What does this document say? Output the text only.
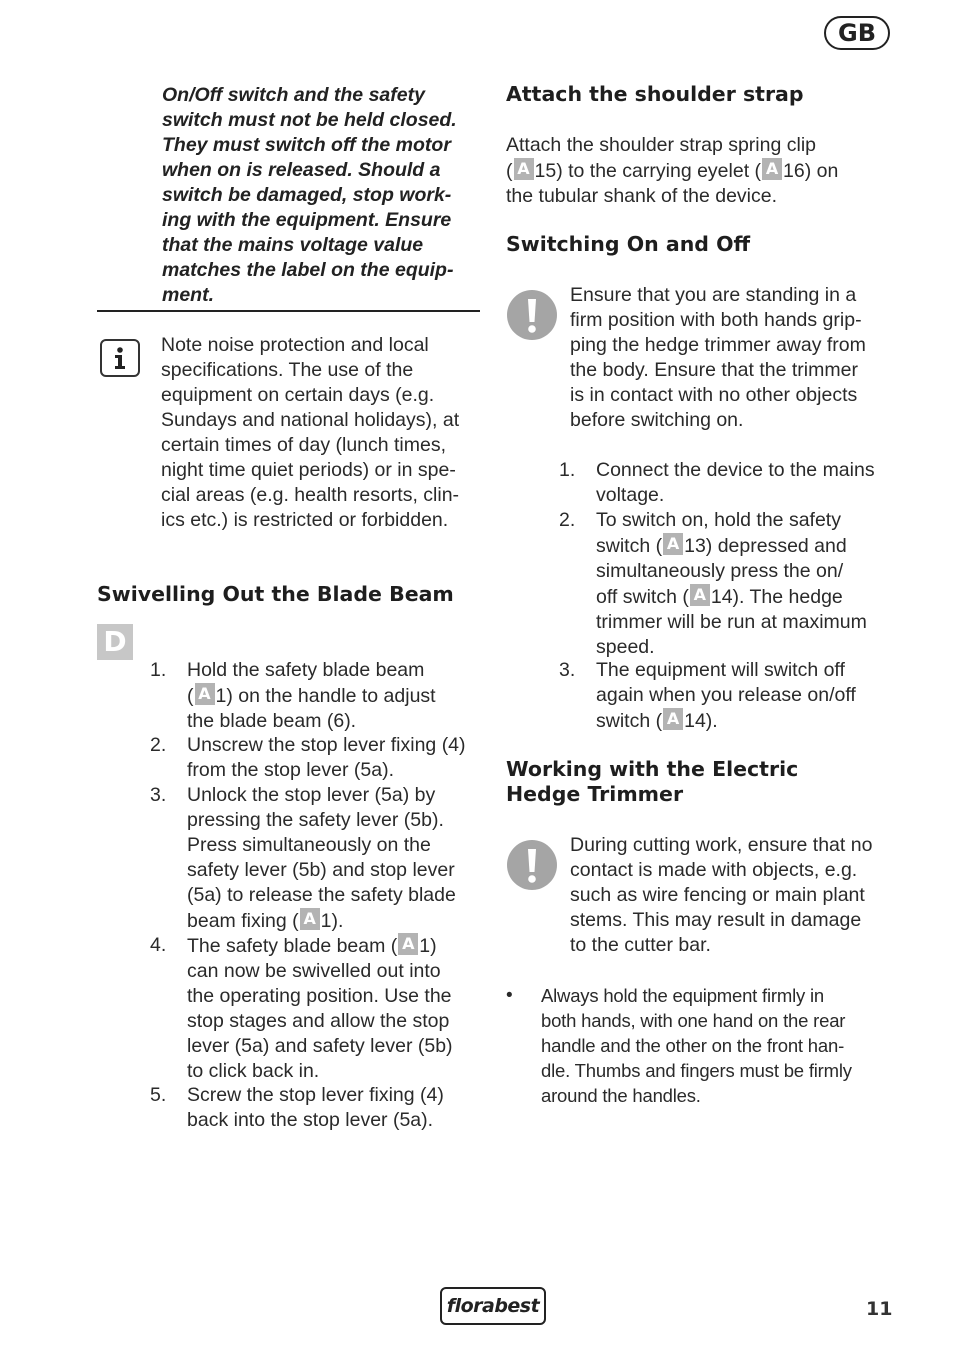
GB
On/Off switch and the safety
switch must not be held closed.
They must switch off the motor
when on is released. Should a
switch be damaged, stop work-
ing with the equipment. Ensure
that the mains voltage value
matches the label on the equip-
ment.
Note noise protection and local
specifications. The use of the
equipment on certain days (e.g.
Sundays and national holidays), at
certain times of day (lunch times,
night time quiet periods) or in spe-
cial areas (e.g. health resorts, clin-
ics etc.) is restricted or forbidden.
Swivelling Out the Blade Beam
D
1. Hold the safety blade beam
( A 1) on the handle to adjust
the blade beam (6).
2. Unscrew the stop lever fixing (4)
from the stop lever (5a).
3. Unlock the stop lever (5a) by
pressing the safety lever (5b).
Press simultaneously on the
safety lever (5b) and stop lever
(5a) to release the safety blade
beam fixing ( A 1).
4. The safety blade beam ( A 1)
can now be swivelled out into
the operating position. Use the
stop stages and allow the stop
lever (5a) and safety lever (5b)
to click back in.
5. Screw the stop lever fixing (4)
back into the stop lever (5a).
Attach the shoulder strap
Attach the shoulder strap spring clip
( A 15) to the carrying eyelet ( A 16) on
the tubular shank of the device.
Switching On and Off
Ensure that you are standing in a
firm position with both hands grip-
ping the hedge trimmer away from
the body. Ensure that the trimmer
is in contact with no other objects
before switching on.
1. Connect the device to the mains
voltage.
2. To switch on, hold the safety
switch ( A 13) depressed and
simultaneously press the on/
off switch ( A 14). The hedge
trimmer will be run at maximum
speed.
3. The equipment will switch off
again when you release on/off
switch ( A 14).
Working with the Electric
Hedge Trimmer
During cutting work, ensure that no
contact is made with objects, e.g.
such as wire fencing or main plant
stems. This may result in damage
to the cutter bar.
• Always hold the equipment firmly in
both hands, with one hand on the rear
handle and the other on the front han-
dle. Thumbs and fingers must be firmly
around the handles.
florabest	11
